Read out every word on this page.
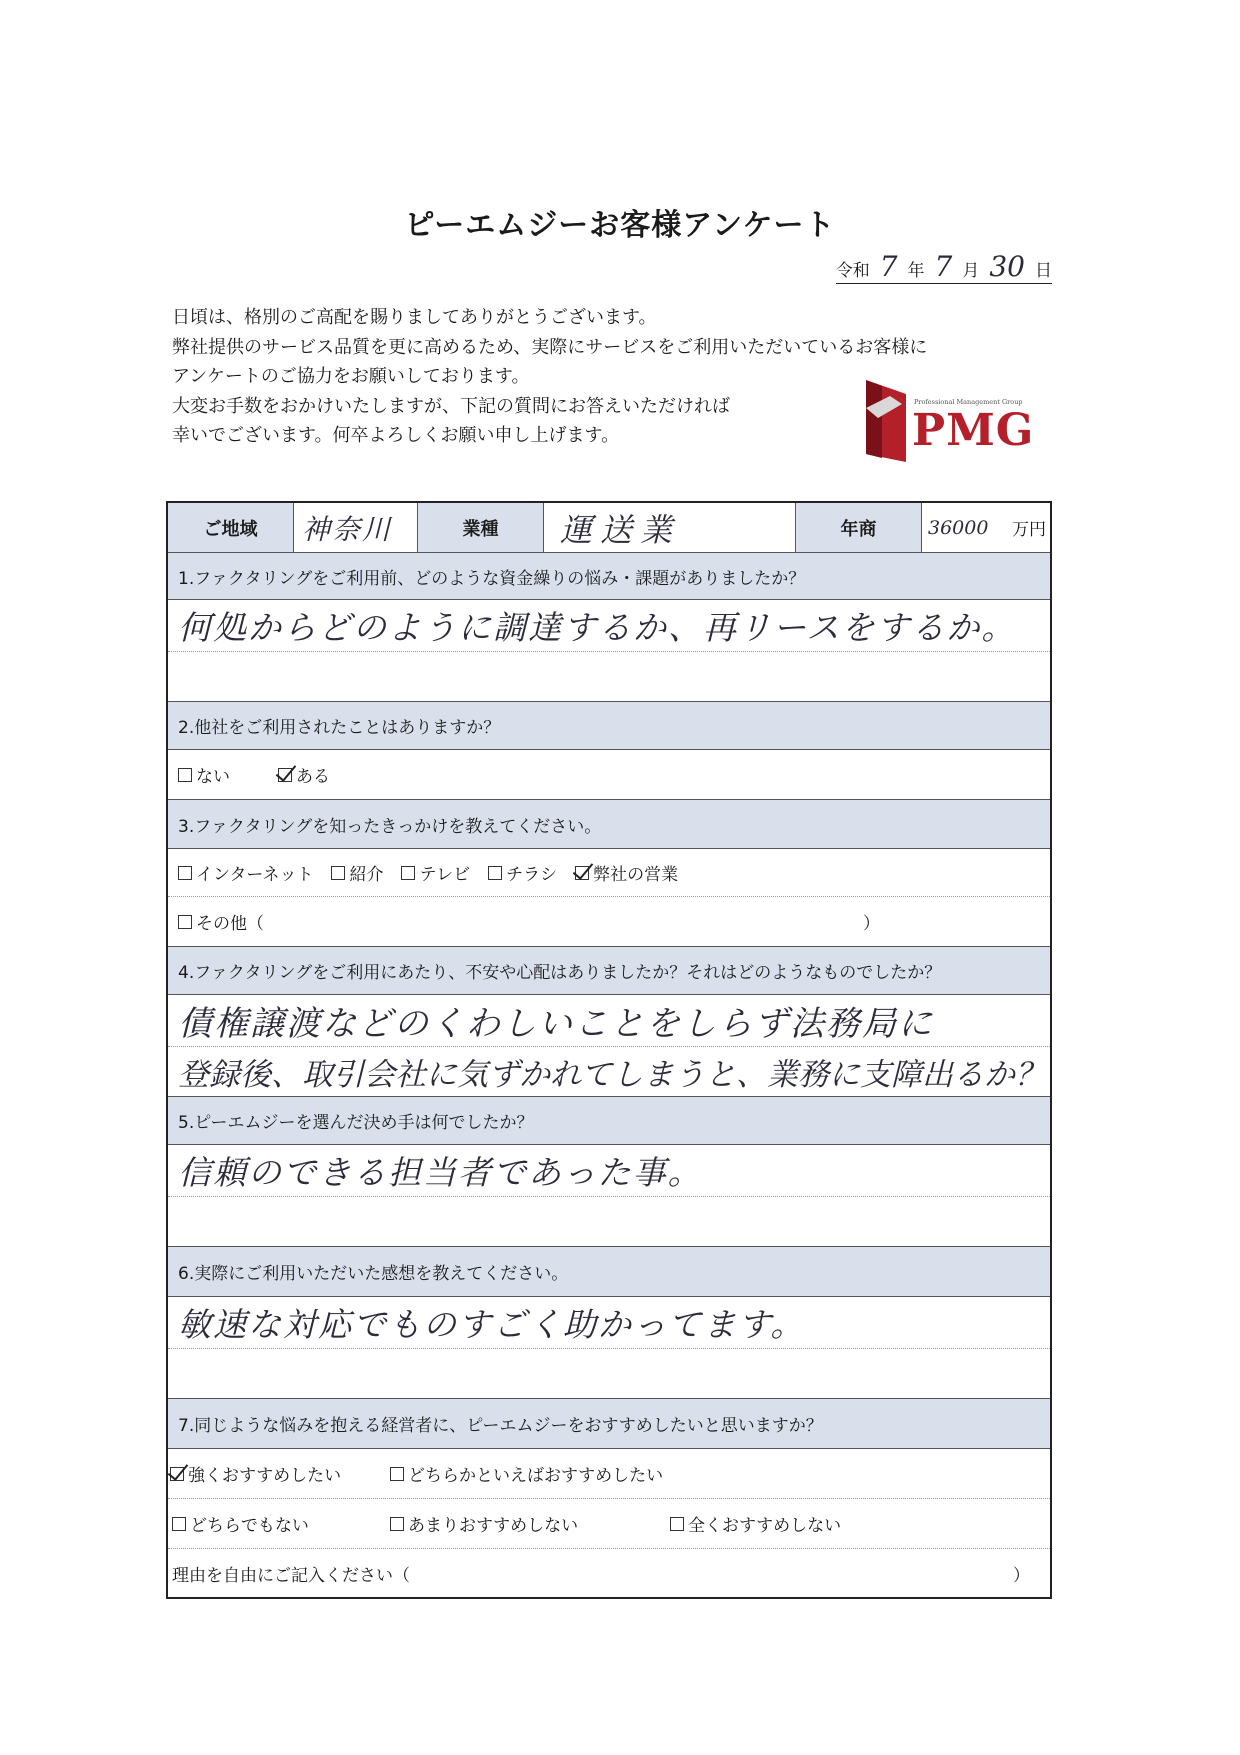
ピーエムジーお客様アンケート
令和 7 年 7 月 30 日

日頃は、格別のご高配を賜りましてありがとうございます。

弊社提供のサービス品質を更に高めるため、実際にサービスをご利用いただいているお客様に

アンケートのご協力をお願いしております。

大変お手数をおかけいたしますが、下記の質問にお答えいただければ

幸いでございます。何卒よろしくお願い申し上げます。

Professional Management Group
PMG
ご地域	神奈川	業種	運送業	年商	36000 万円
1.ファクタリングをご利用前、どのような資金繰りの悩み・課題がありましたか？
何処からどのように調達するか、再リースをするか。
2.他社をご利用されたことはありますか？
ない	ある
3.ファクタリングを知ったきっかけを教えてください。
インターネット 紹介 テレビ チラシ 弊社の営業
その他（	）
4.ファクタリングをご利用にあたり、不安や心配はありましたか？それはどのようなものでしたか？
債権譲渡などのくわしいことをしらず法務局に
登録後、取引会社に気ずかれてしまうと、業務に支障出るか？
5.ピーエムジーを選んだ決め手は何でしたか？
信頼のできる担当者であった事。
6.実際にご利用いただいた感想を教えてください。
敏速な対応でものすごく助かってます。
7.同じような悩みを抱える経営者に、ピーエムジーをおすすめしたいと思いますか？
強くおすすめしたい	どちらかといえばおすすめしたい
どちらでもない	あまりおすすめしない	全くおすすめしない
理由を自由にご記入ください（	）
